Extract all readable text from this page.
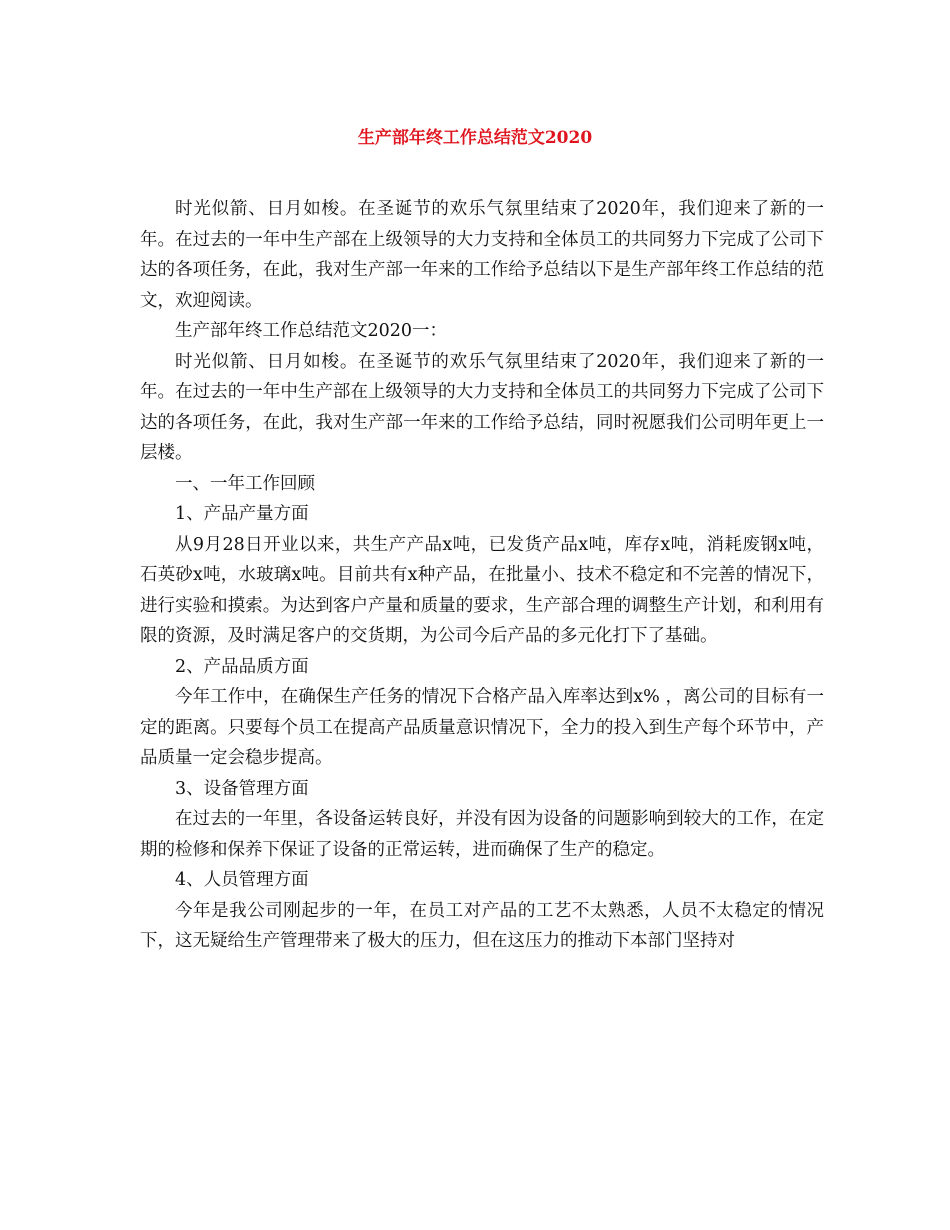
生产部年终工作总结范文2020

时光似箭、日月如梭。在圣诞节的欢乐气氛里结束了2020年，我们迎来了新的一年。在过去的一年中生产部在上级领导的大力支持和全体员工的共同努力下完成了公司下达的各项任务，在此，我对生产部一年来的工作给予总结以下是生产部年终工作总结的范文，欢迎阅读。

生产部年终工作总结范文2020一：

时光似箭、日月如梭。在圣诞节的欢乐气氛里结束了2020年，我们迎来了新的一年。在过去的一年中生产部在上级领导的大力支持和全体员工的共同努力下完成了公司下达的各项任务，在此，我对生产部一年来的工作给予总结，同时祝愿我们公司明年更上一层楼。

一、一年工作回顾

1、产品产量方面

从9月28日开业以来，共生产产品x吨，已发货产品x吨，库存x吨，消耗废钢x吨，石英砂x吨，水玻璃x吨。目前共有x种产品，在批量小、技术不稳定和不完善的情况下，进行实验和摸索。为达到客户产量和质量的要求，生产部合理的调整生产计划，和利用有限的资源，及时满足客户的交货期，为公司今后产品的多元化打下了基础。

2、产品品质方面

今年工作中，在确保生产任务的情况下合格产品入库率达到x% ，离公司的目标有一定的距离。只要每个员工在提高产品质量意识情况下，全力的投入到生产每个环节中，产品质量一定会稳步提高。

3、设备管理方面

在过去的一年里，各设备运转良好，并没有因为设备的问题影响到较大的工作，在定期的检修和保养下保证了设备的正常运转，进而确保了生产的稳定。

4、人员管理方面

今年是我公司刚起步的一年，在员工对产品的工艺不太熟悉，人员不太稳定的情况下，这无疑给生产管理带来了极大的压力，但在这压力的推动下本部门坚持对
